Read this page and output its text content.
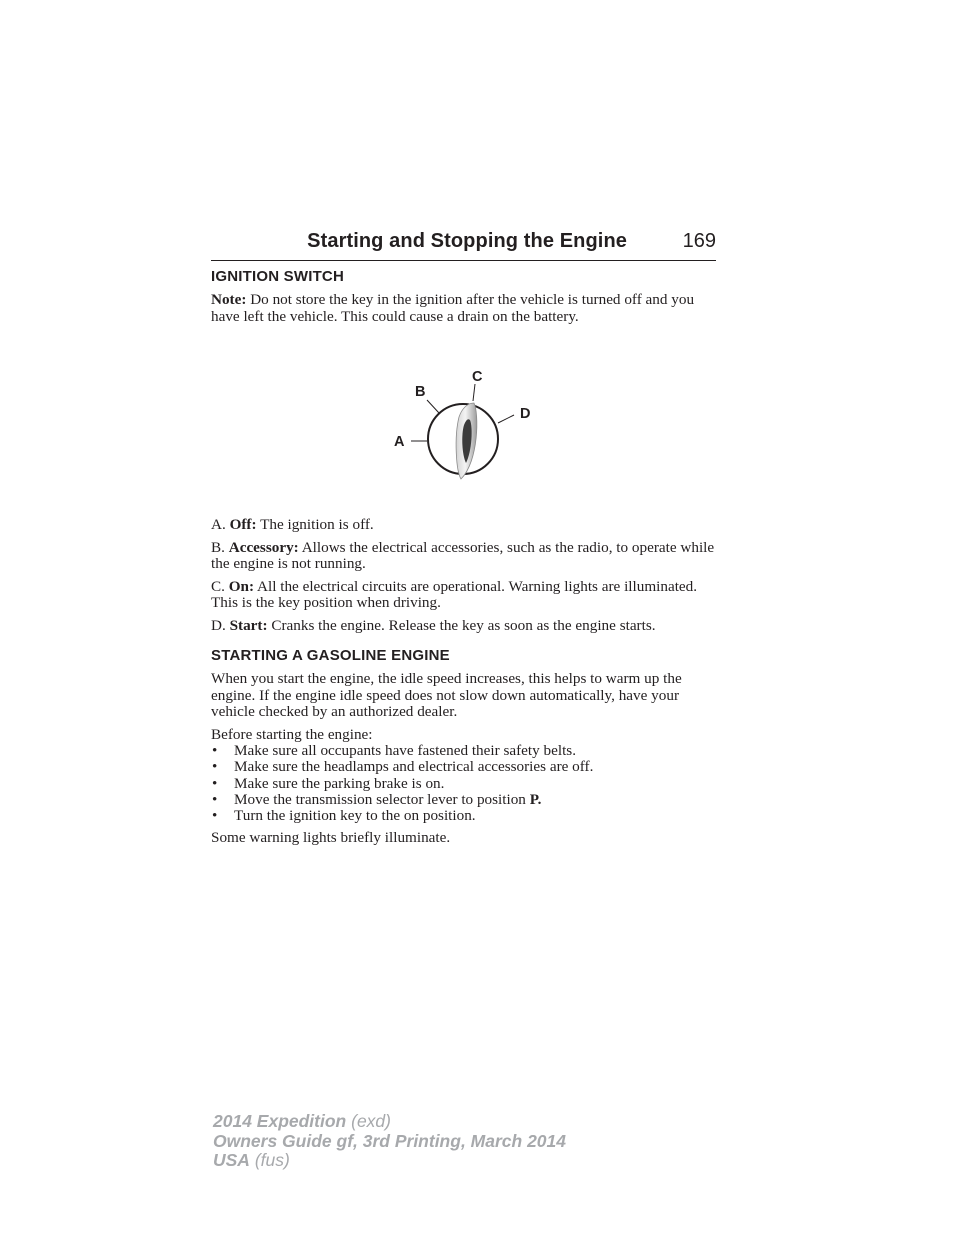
Starting and Stopping the Engine	169
IGNITION SWITCH

Note: Do not store the key in the ignition after the vehicle is turned off and you have left the vehicle. This could cause a drain on the battery.

A
B
C
D

A. Off: The ignition is off.

B. Accessory: Allows the electrical accessories, such as the radio, to operate while the engine is not running.

C. On: All the electrical circuits are operational. Warning lights are illuminated. This is the key position when driving.

D. Start: Cranks the engine. Release the key as soon as the engine starts.

STARTING A GASOLINE ENGINE

When you start the engine, the idle speed increases, this helps to warm up the engine. If the engine idle speed does not slow down automatically, have your vehicle checked by an authorized dealer.

Before starting the engine:

• Make sure all occupants have fastened their safety belts.
• Make sure the headlamps and electrical accessories are off.
• Make sure the parking brake is on.
• Move the transmission selector lever to position P.
• Turn the ignition key to the on position.

Some warning lights briefly illuminate.

2014 Expedition (exd)
Owners Guide gf, 3rd Printing, March 2014
USA (fus)
